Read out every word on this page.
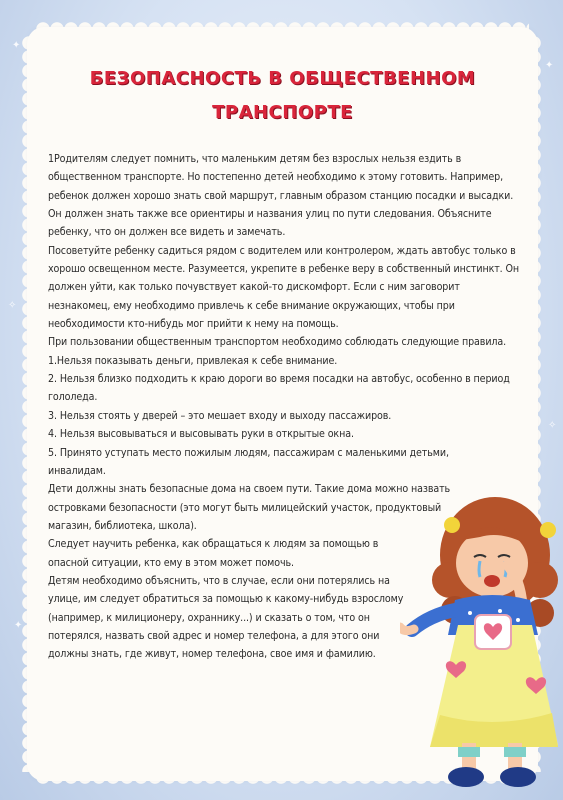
✦
✧
✦
✧
✦
БЕЗОПАСНОСТЬ В ОБЩЕСТВЕННОМ
ТРАНСПОРТЕ

1Родителям следует помнить, что маленьким детям без взрослых нельзя ездить в общественном транспорте. Но постепенно детей необходимо к этому готовить. Например, ребенок должен хорошо знать свой маршрут, главным образом станцию посадки и высадки. Он должен знать также все ориентиры и названия улиц по пути следования. Объясните ребенку, что он должен все видеть и замечать.

Посоветуйте ребенку садиться рядом с водителем или контролером, ждать автобус только в хорошо освещенном месте. Разумеется, укрепите в ребенке веру в собственный инстинкт. Он должен уйти, как только почувствует какой-то дискомфорт. Если с ним заговорит незнакомец, ему необходимо привлечь к себе внимание окружающих, чтобы при необходимости кто-нибудь мог прийти к нему на помощь.

При пользовании общественным транспортом необходимо соблюдать следующие правила.

1.Нельзя показывать деньги, привлекая к себе внимание.

2. Нельзя близко подходить к краю дороги во время посадки на автобус, особенно в период гололеда.

3. Нельзя стоять у дверей – это мешает входу и выходу пассажиров.

4. Нельзя высовываться и высовывать руки в открытые окна.

5. Принято уступать место пожилым людям, пассажирам с маленькими детьми, инвалидам.

Дети должны знать безопасные дома на своем пути. Такие дома можно назвать островками безопасности (это могут быть милицейский участок, продуктовый магазин, библиотека, школа).

Следует научить ребенка, как обращаться к людям за помощью в опасной ситуации, кто ему в этом может помочь.

Детям необходимо объяснить, что в случае, если они потерялись на улице, им следует обратиться за помощью к какому-нибудь взрослому (например, к милиционеру, охраннику...) и сказать о том, что он потерялся, назвать свой адрес и номер телефона, а для этого они должны знать, где живут, номер телефона, свое имя и фамилию.
